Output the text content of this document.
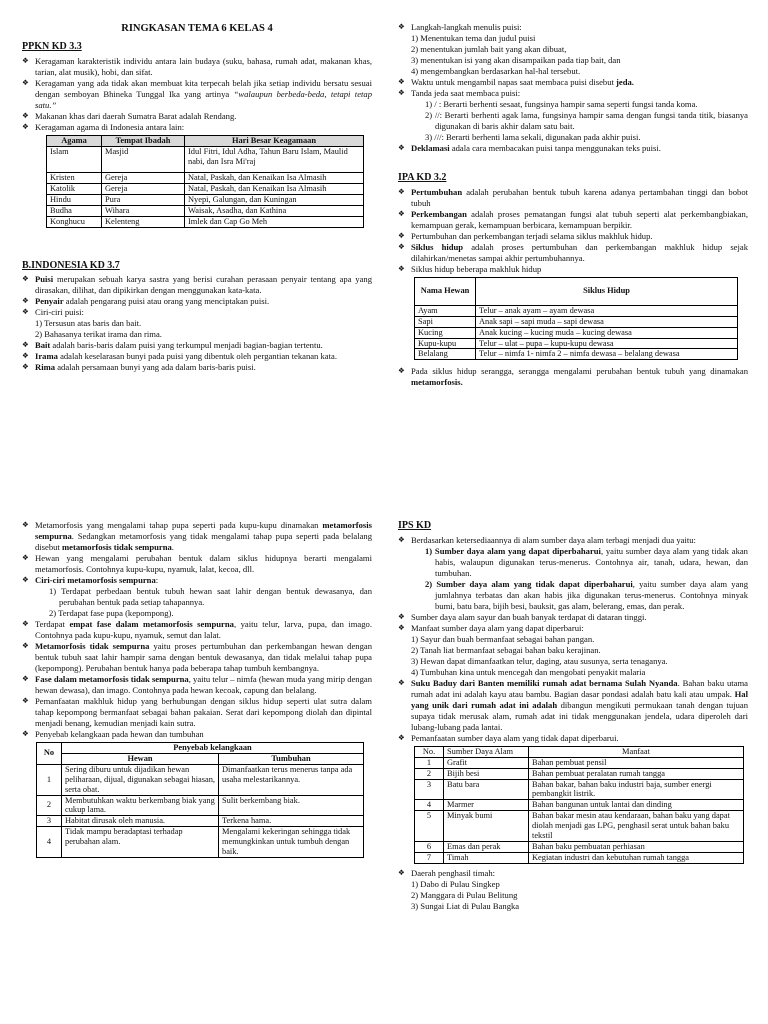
RINGKASAN TEMA 6 KELAS 4
PPKN KD 3.3
❖ Keragaman karakteristik individu antara lain budaya (suku, bahasa, rumah adat, makanan khas, tarian, alat musik), hobi, dan sifat.
❖ Keragaman yang ada tidak akan membuat kita terpecah belah jika setiap individu bersatu sesuai dengan semboyan Bhineka Tunggal Ika yang artinya “walaupun berbeda-beda, tetapi tetap satu.”
❖ Makanan khas dari daerah Sumatra Barat adalah Rendang.
❖ Keragaman agama di Indonesia antara lain:
Agama	Tempat Ibadah	Hari Besar Keagamaan
Islam	Masjid	Idul Fitri, Idul Adha, Tahun Baru Islam, Maulid nabi, dan Isra Mi'raj
Kristen	Gereja	Natal, Paskah, dan Kenaikan Isa Almasih
Katolik	Gereja	Natal, Paskah, dan Kenaikan Isa Almasih
Hindu	Pura	Nyepi, Galungan, dan Kuningan
Budha	Wihara	Waisak, Asadha, dan Kathina
Konghucu	Kelenteng	Imlek dan Cap Go Meh
B.INDONESIA KD 3.7
❖ Puisi merupakan sebuah karya sastra yang berisi curahan perasaan penyair tentang apa yang dirasakan, dilihat, dan dipikirkan dengan menggunakan kata-kata.
❖ Penyair adalah pengarang puisi atau orang yang menciptakan puisi.
❖ Ciri-ciri puisi:
1) Tersusun atas baris dan bait.
2) Bahasanya terikat irama dan rima.
❖ Bait adalah baris-baris dalam puisi yang terkumpul menjadi bagian-bagian tertentu.
❖ Irama adalah keselarasan bunyi pada puisi yang dibentuk oleh pergantian tekanan kata.
❖ Rima adalah persamaan bunyi yang ada dalam baris-baris puisi.
❖ Langkah-langkah menulis puisi:
1) Menentukan tema dan judul puisi
2) menentukan jumlah bait yang akan dibuat,
3) menentukan isi yang akan disampaikan pada tiap bait, dan
4) mengembangkan berdasarkan hal-hal tersebut.
❖ Waktu untuk mengambil napas saat membaca puisi disebut jeda.
❖ Tanda jeda saat membaca puisi:
1) / : Berarti berhenti sesaat, fungsinya hampir sama seperti fungsi tanda koma.
2) //: Berarti berhenti agak lama, fungsinya hampir sama dengan fungsi tanda titik, biasanya digunakan di baris akhir dalam satu bait.
3) ///: Berarti berhenti lama sekali, digunakan pada akhir puisi.
❖ Deklamasi adala cara membacakan puisi tanpa menggunakan teks puisi.
IPA KD 3.2
❖ Pertumbuhan adalah perubahan bentuk tubuh karena adanya pertambahan tinggi dan bobot tubuh
❖ Perkembangan adalah proses pematangan fungsi alat tubuh seperti alat perkembangbiakan, kemampuan gerak, kemampuan berbicara, kemampuan berpikir.
❖ Pertumbuhan dan perkembangan terjadi selama siklus makhluk hidup.
❖ Siklus hidup adalah proses pertumbuhan dan perkembangan makhluk hidup sejak dilahirkan/menetas sampai akhir pertumbuhannya.
❖ Siklus hidup beberapa makhluk hidup
Nama Hewan	Siklus Hidup
Ayam	Telur – anak ayam – ayam dewasa
Sapi	Anak sapi – sapi muda – sapi dewasa
Kucing	Anak kucing – kucing muda – kucing dewasa
Kupu-kupu	Telur – ulat – pupa – kupu-kupu dewasa
Belalang	Telur – nimfa 1- nimfa 2 – nimfa dewasa – belalang dewasa
❖ Pada siklus hidup serangga, serangga mengalami perubahan bentuk tubuh yang dinamakan metamorfosis.
❖ Metamorfosis yang mengalami tahap pupa seperti pada kupu-kupu dinamakan metamorfosis sempurna. Sedangkan metamorfosis yang tidak mengalami tahap pupa seperti pada belalang disebut metamorfosis tidak sempurna.
❖ Hewan yang mengalami perubahan bentuk dalam siklus hidupnya berarti mengalami metamorfosis. Contohnya kupu-kupu, nyamuk, lalat, kecoa, dll.
❖ Ciri-ciri metamorfosis sempurna:
1) Terdapat perbedaan bentuk tubuh hewan saat lahir dengan bentuk dewasanya, dan perubahan bentuk pada setiap tahapannya.
2) Terdapat fase pupa (kepompong).
❖ Terdapat empat fase dalam metamorfosis sempurna, yaitu telur, larva, pupa, dan imago. Contohnya pada kupu-kupu, nyamuk, semut dan lalat.
❖ Metamorfosis tidak sempurna yaitu proses pertumbuhan dan perkembangan hewan dengan bentuk tubuh saat lahir hampir sama dengan bentuk dewasanya, dan tidak melalui tahap pupa (kepompong). Perubahan bentuk hanya pada beberapa tahap tumbuh kembangnya.
❖ Fase dalam metamorfosis tidak sempurna, yaitu telur – nimfa (hewan muda yang mirip dengan hewan dewasa), dan imago. Contohnya pada hewan kecoak, capung dan belalang.
❖ Pemanfaatan makhluk hidup yang berhubungan dengan siklus hidup seperti ulat sutra dalam tahap kepompong bermanfaat sebagai bahan pakaian. Serat dari kepompong diolah dan dipintal menjadi benang, kemudian menjadi kain sutra.
❖ Penyebab kelangkaan pada hewan dan tumbuhan
No	Penyebab kelangkaan	
	Hewan	Tumbuhan
1	Sering diburu untuk dijadikan hewan peliharaan, dijual, digunakan sebagai hiasan, serta obat.	Dimanfaatkan terus menerus tanpa ada usaha melestarikannya.
2	Membutuhkan waktu berkembang biak yang cukup lama.	Sulit berkembang biak.
3	Habitat dirusak oleh manusia.	Terkena hama.
4	Tidak mampu beradaptasi terhadap perubahan alam.	Mengalami kekeringan sehingga tidak memungkinkan untuk tumbuh dengan baik.
IPS KD
❖ Berdasarkan ketersediaannya di alam sumber daya alam terbagi menjadi dua yaitu:
1) Sumber daya alam yang dapat diperbaharui, yaitu sumber daya alam yang tidak akan habis, walaupun digunakan terus-menerus. Contohnya air, tanah, udara, hewan, dan tumbuhan.
2) Sumber daya alam yang tidak dapat diperbaharui, yaitu sumber daya alam yang jumlahnya terbatas dan akan habis jika digunakan terus-menerus. Contohnya minyak bumi, batu bara, bijih besi, bauksit, gas alam, belerang, emas, dan perak.
❖ Sumber daya alam sayur dan buah banyak terdapat di dataran tinggi.
❖ Manfaat sumber daya alam yang dapat diperbarui:
1) Sayur dan buah bermanfaat sebagai bahan pangan.
2) Tanah liat bermanfaat sebagai bahan baku kerajinan.
3) Hewan dapat dimanfaatkan telur, daging, atau susunya, serta tenaganya.
4) Tumbuhan kina untuk mencegah dan mengobati penyakit malaria
❖ Suku Baduy dari Banten memiliki rumah adat bernama Sulah Nyanda. Bahan baku utama rumah adat ini adalah kayu atau bambu. Bagian dasar pondasi adalah batu kali atau umpak. Hal yang unik dari rumah adat ini adalah dibangun mengikuti permukaan tanah dengan tujuan supaya tidak merusak alam, rumah adat ini tidak menggunakan jendela, udara diperoleh dari lubang-lubang pada lantai.
❖ Pemanfaatan sumber daya alam yang tidak dapat diperbarui.
No.	Sumber Daya Alam	Manfaat
1	Grafit	Bahan pembuat pensil
2	Bijih besi	Bahan pembuat peralatan rumah tangga
3	Batu bara	Bahan bakar, bahan baku industri baja, sumber energi pembangkit listrik.
4	Marmer	Bahan bangunan untuk lantai dan dinding
5	Minyak bumi	Bahan bakar mesin atau kendaraan, bahan baku yang dapat diolah menjadi gas LPG, penghasil serat untuk bahan baku tekstil
6	Emas dan perak	Bahan baku pembuatan perhiasan
7	Timah	Kegiatan industri dan kebutuhan rumah tangga
❖ Daerah penghasil timah:
1) Dabo di Pulau Singkep
2) Manggara di Pulau Belitung
3) Sungai Liat di Pulau Bangka
